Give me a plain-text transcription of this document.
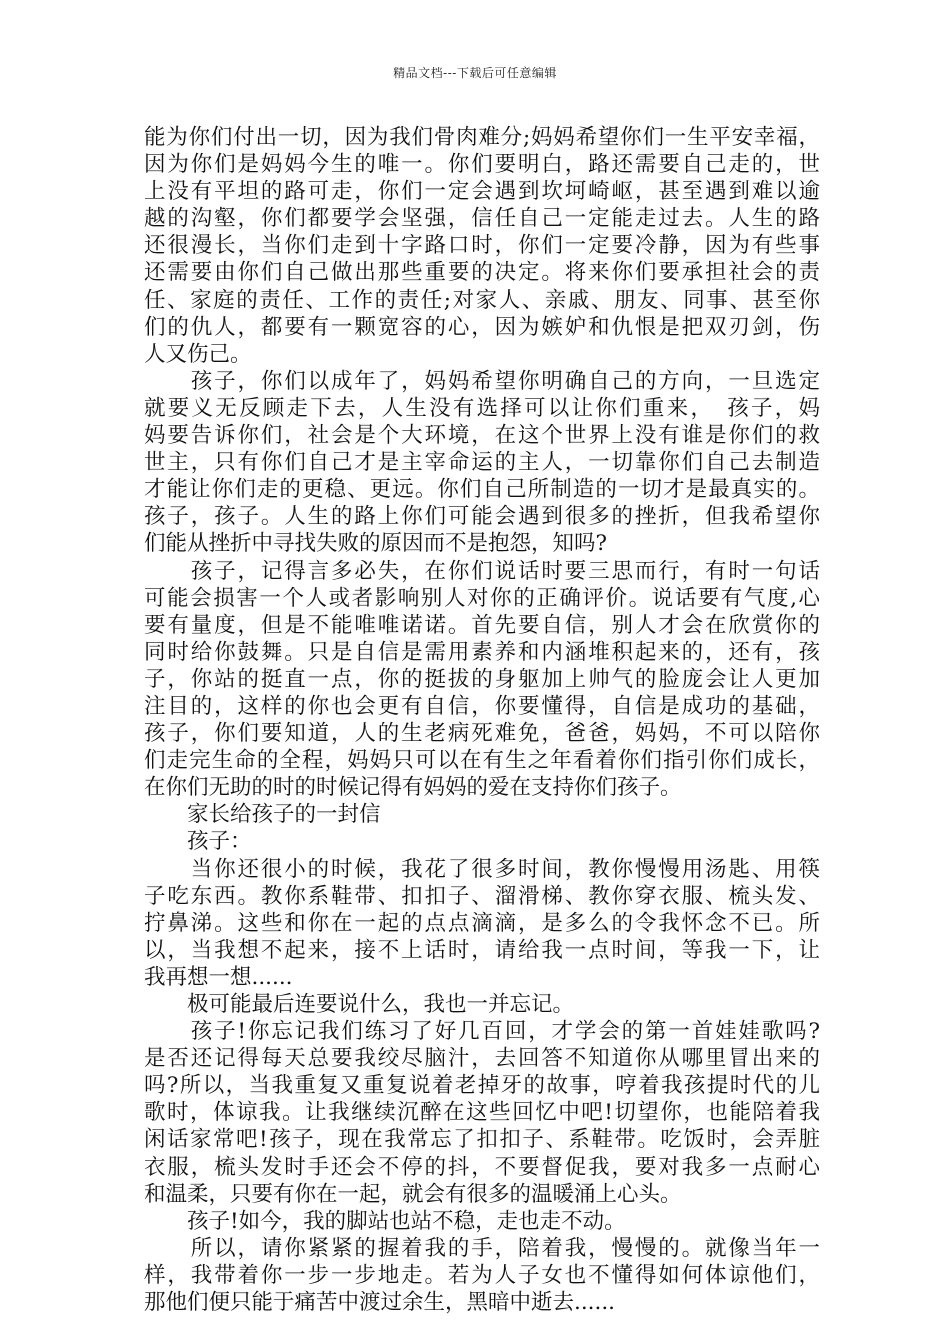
精品文档---下载后可任意编辑
能为你们付出一切，因为我们骨肉难分;妈妈希望你们一生平安幸福，
因为你们是妈妈今生的唯一。你们要明白，路还需要自己走的，世
上没有平坦的路可走，你们一定会遇到坎坷崎岖，甚至遇到难以逾
越的沟壑，你们都要学会坚强，信任自己一定能走过去。人生的路
还很漫长，当你们走到十字路口时，你们一定要冷静，因为有些事
还需要由你们自己做出那些重要的决定。将来你们要承担社会的责
任、家庭的责任、工作的责任;对家人、亲戚、朋友、同事、甚至你
们的仇人，都要有一颗宽容的心，因为嫉妒和仇恨是把双刃剑，伤
人又伤己。
　　孩子，你们以成年了，妈妈希望你明确自己的方向，一旦选定
就要义无反顾走下去，人生没有选择可以让你们重来，　孩子，妈
妈要告诉你们，社会是个大环境，在这个世界上没有谁是你们的救
世主，只有你们自己才是主宰命运的主人，一切靠你们自己去制造
才能让你们走的更稳、更远。你们自己所制造的一切才是最真实的。
孩子，孩子。人生的路上你们可能会遇到很多的挫折，但我希望你
们能从挫折中寻找失败的原因而不是抱怨，知吗?
　　孩子，记得言多必失，在你们说话时要三思而行，有时一句话
可能会损害一个人或者影响别人对你的正确评价。说话要有气度,心
要有量度，但是不能唯唯诺诺。首先要自信，别人才会在欣赏你的
同时给你鼓舞。只是自信是需用素养和内涵堆积起来的，还有，孩
子，你站的挺直一点，你的挺拔的身躯加上帅气的脸庞会让人更加
注目的，这样的你也会更有自信，你要懂得，自信是成功的基础，
孩子，你们要知道，人的生老病死难免，爸爸，妈妈，不可以陪你
们走完生命的全程，妈妈只可以在有生之年看着你们指引你们成长，
在你们无助的时的时候记得有妈妈的爱在支持你们孩子。
　　家长给孩子的一封信
　　孩子：
　　当你还很小的时候，我花了很多时间，教你慢慢用汤匙、用筷
子吃东西。教你系鞋带、扣扣子、溜滑梯、教你穿衣服、梳头发、
拧鼻涕。这些和你在一起的点点滴滴，是多么的令我怀念不已。所
以，当我想不起来，接不上话时，请给我一点时间，等我一下，让
我再想一想......
　　极可能最后连要说什么，我也一并忘记。
　　孩子!你忘记我们练习了好几百回，才学会的第一首娃娃歌吗?
是否还记得每天总要我绞尽脑汁，去回答不知道你从哪里冒出来的
吗?所以，当我重复又重复说着老掉牙的故事，哼着我孩提时代的儿
歌时，体谅我。让我继续沉醉在这些回忆中吧!切望你，也能陪着我
闲话家常吧!孩子，现在我常忘了扣扣子、系鞋带。吃饭时，会弄脏
衣服，梳头发时手还会不停的抖，不要督促我，要对我多一点耐心
和温柔，只要有你在一起，就会有很多的温暖涌上心头。
　　孩子!如今，我的脚站也站不稳，走也走不动。
　　所以，请你紧紧的握着我的手，陪着我，慢慢的。就像当年一
样，我带着你一步一步地走。若为人子女也不懂得如何体谅他们，
那他们便只能于痛苦中渡过余生，黑暗中逝去......
